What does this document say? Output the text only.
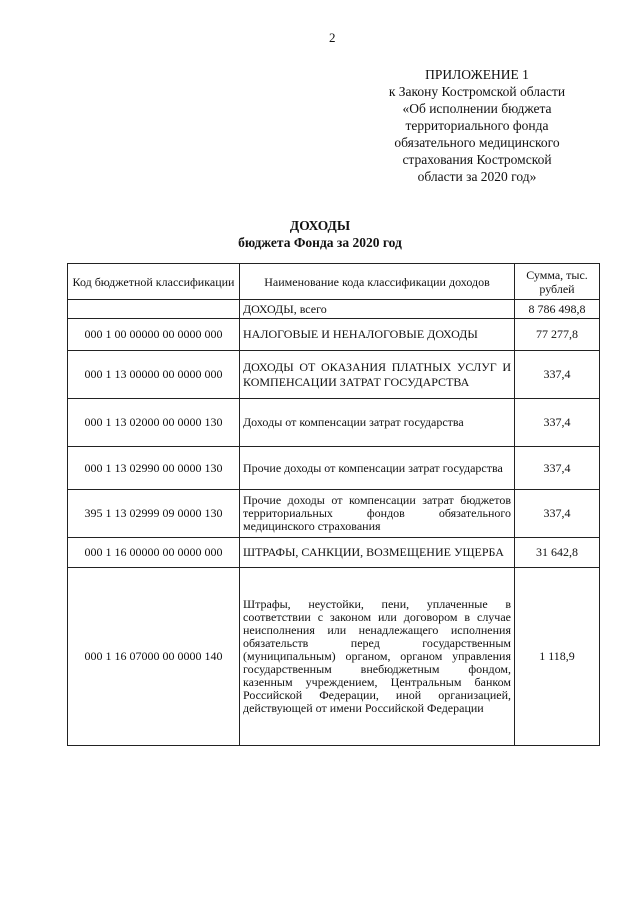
2
ПРИЛОЖЕНИЕ 1
к Закону Костромской области
«Об исполнении бюджета
территориального фонда
обязательного медицинского
страхования Костромской
области за 2020 год»
ДОХОДЫ
бюджета Фонда за 2020 год
Код бюджетной классификации	Наименование кода классификации доходов	Сумма, тыс. рублей
	ДОХОДЫ, всего	8 786 498,8
000 1 00 00000 00 0000 000	НАЛОГОВЫЕ И НЕНАЛОГОВЫЕ ДОХОДЫ	77 277,8
000 1 13 00000 00 0000 000	ДОХОДЫ ОТ ОКАЗАНИЯ ПЛАТНЫХ УСЛУГ И КОМПЕНСАЦИИ ЗАТРАТ ГОСУДАРСТВА	337,4
000 1 13 02000 00 0000 130	Доходы от компенсации затрат государства	337,4
000 1 13 02990 00 0000 130	Прочие доходы от компенсации затрат государства	337,4
395 1 13 02999 09 0000 130	Прочие доходы от компенсации затрат бюджетов территориальных фондов обязательного медицинского страхования	337,4
000 1 16 00000 00 0000 000	ШТРАФЫ, САНКЦИИ, ВОЗМЕЩЕНИЕ УЩЕРБА	31 642,8
000 1 16 07000 00 0000 140	Штрафы, неустойки, пени, уплаченные в соответствии с законом или договором в случае неисполнения или ненадлежащего исполнения обязательств перед государственным (муниципальным) органом, органом управления государственным внебюджетным фондом, казенным учреждением, Центральным банком Российской Федерации, иной организацией, действующей от имени Российской Федерации	1 118,9
